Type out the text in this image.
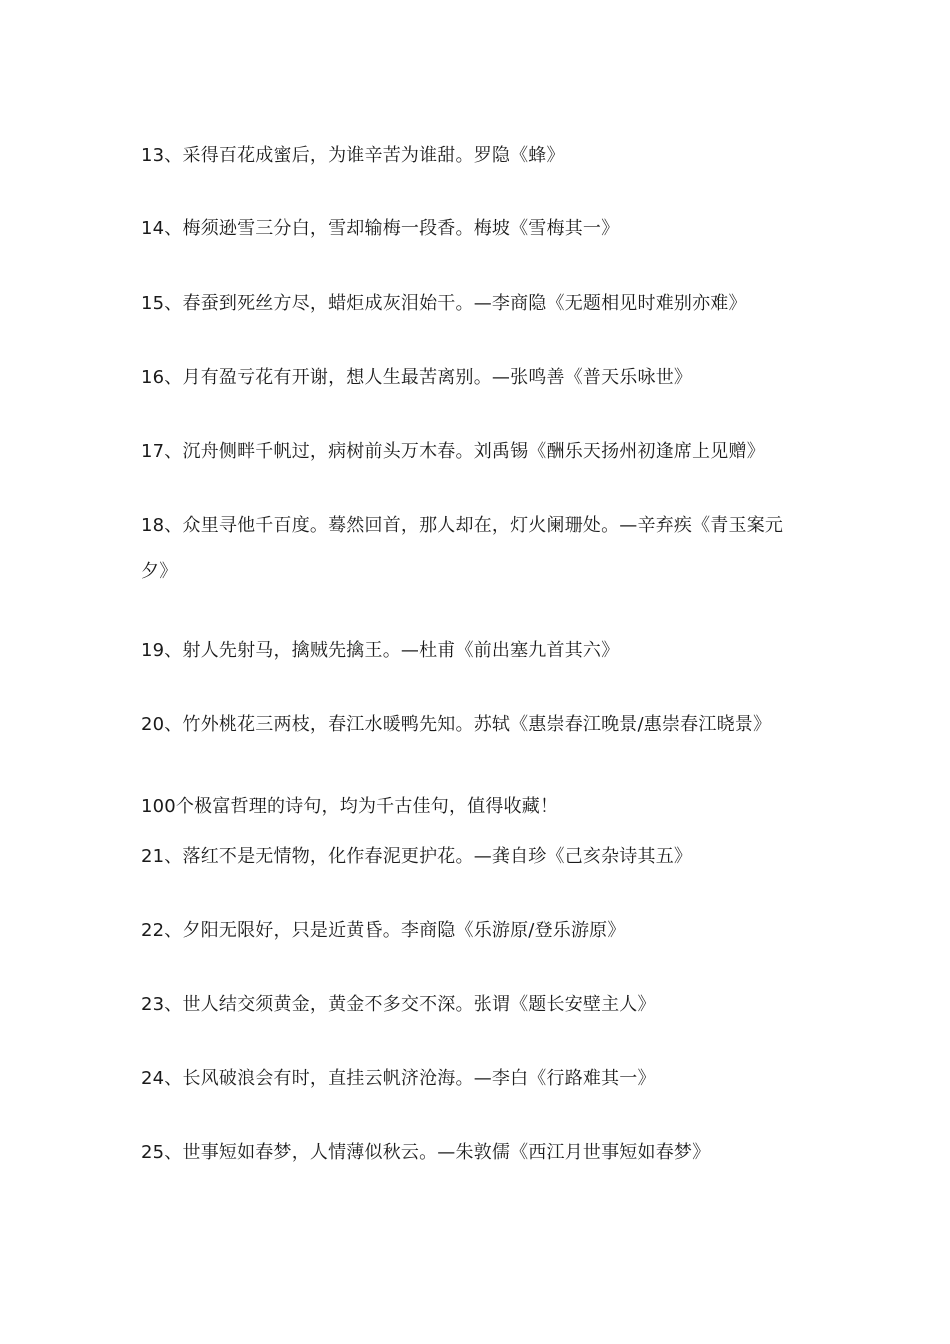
13、采得百花成蜜后，为谁辛苦为谁甜。罗隐《蜂》
14、梅须逊雪三分白，雪却输梅一段香。梅坡《雪梅其一》
15、春蚕到死丝方尽，蜡炬成灰泪始干。—李商隐《无题相见时难别亦难》
16、月有盈亏花有开谢，想人生最苦离别。—张鸣善《普天乐咏世》
17、沉舟侧畔千帆过，病树前头万木春。刘禹锡《酬乐天扬州初逢席上见赠》
18、众里寻他千百度。蓦然回首，那人却在，灯火阑珊处。—辛弃疾《青玉案元
夕》
19、射人先射马，擒贼先擒王。—杜甫《前出塞九首其六》
20、竹外桃花三两枝，春江水暖鸭先知。苏轼《惠崇春江晚景/惠崇春江晓景》
100个极富哲理的诗句，均为千古佳句，值得收藏！
21、落红不是无情物，化作春泥更护花。—龚自珍《己亥杂诗其五》
22、夕阳无限好，只是近黄昏。李商隐《乐游原/登乐游原》
23、世人结交须黄金，黄金不多交不深。张谓《题长安壁主人》
24、长风破浪会有时，直挂云帆济沧海。—李白《行路难其一》
25、世事短如春梦，人情薄似秋云。—朱敦儒《西江月世事短如春梦》
